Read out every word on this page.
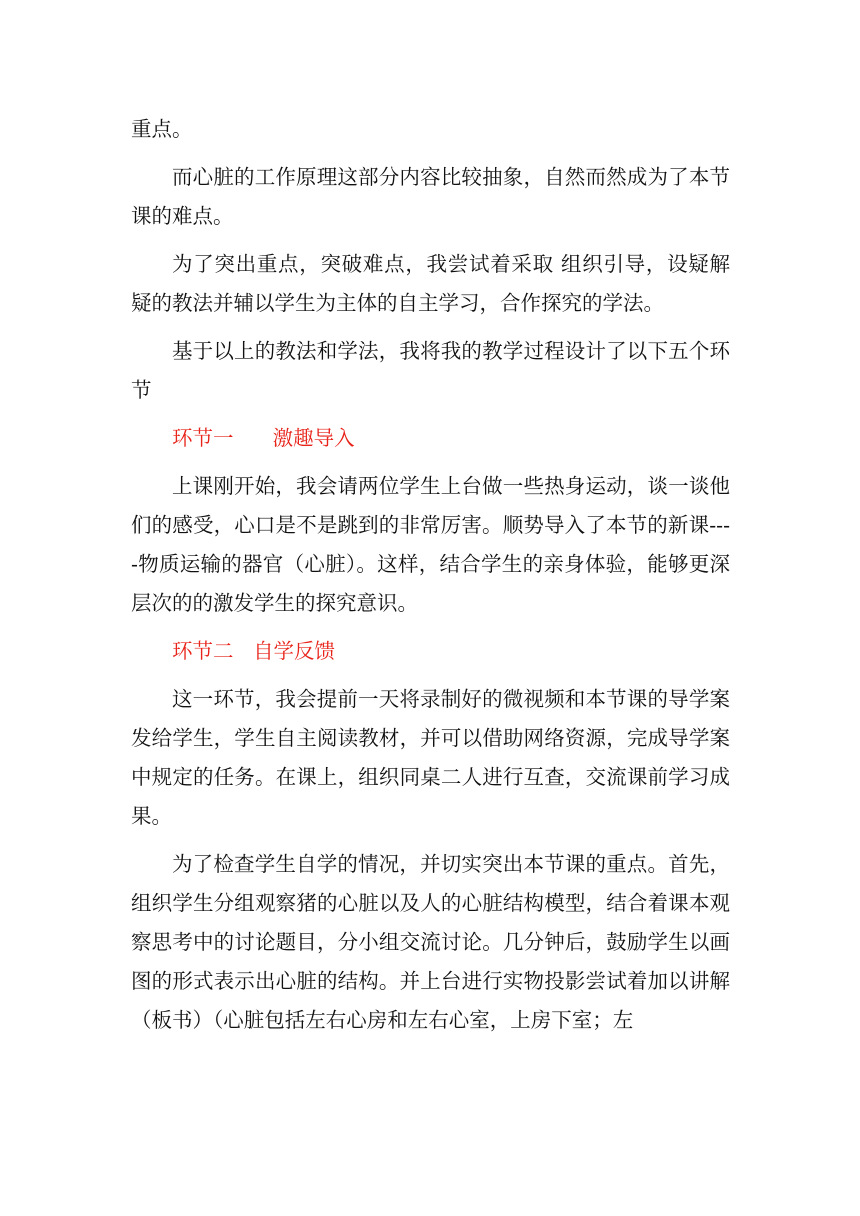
重点。

而心脏的工作原理这部分内容比较抽象，自然而然成为了本节课的难点。

为了突出重点，突破难点，我尝试着采取 组织引导，设疑解疑的教法并辅以学生为主体的自主学习，合作探究的学法。

基于以上的教法和学法，我将我的教学过程设计了以下五个环节

环节一 激趣导入

上课刚开始，我会请两位学生上台做一些热身运动，谈一谈他们的感受，心口是不是跳到的非常厉害。顺势导入了本节的新课----物质运输的器官（心脏）。这样，结合学生的亲身体验，能够更深层次的的激发学生的探究意识。

环节二 自学反馈

这一环节，我会提前一天将录制好的微视频和本节课的导学案发给学生，学生自主阅读教材，并可以借助网络资源，完成导学案中规定的任务。在课上，组织同桌二人进行互查，交流课前学习成果。

为了检查学生自学的情况，并切实突出本节课的重点。首先，组织学生分组观察猪的心脏以及人的心脏结构模型，结合着课本观察思考中的讨论题目，分小组交流讨论。几分钟后，鼓励学生以画图的形式表示出心脏的结构。并上台进行实物投影尝试着加以讲解（板书）（心脏包括左右心房和左右心室，上房下室；左
